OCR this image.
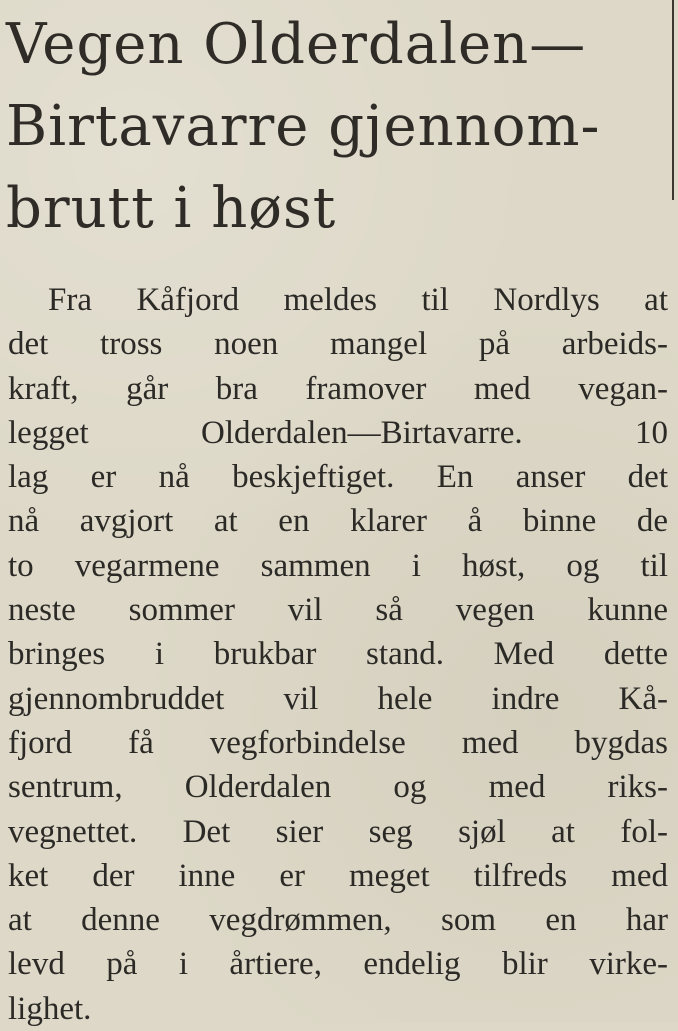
Vegen Olderdalen—
Birtavarre gjennom-
brutt i høst
Fra Kåfjord meldes til Nordlys at
det tross noen mangel på arbeids-
kraft, går bra framover med vegan-
legget Olderdalen—Birtavarre. 10
lag er nå beskjeftiget. En anser det
nå avgjort at en klarer å binne de
to vegarmene sammen i høst, og til
neste sommer vil så vegen kunne
bringes i brukbar stand. Med dette
gjennombruddet vil hele indre Kå-
fjord få vegforbindelse med bygdas
sentrum, Olderdalen og med riks-
vegnettet. Det sier seg sjøl at fol-
ket der inne er meget tilfreds med
at denne vegdrømmen, som en har
levd på i årtiere, endelig blir virke-
lighet.
